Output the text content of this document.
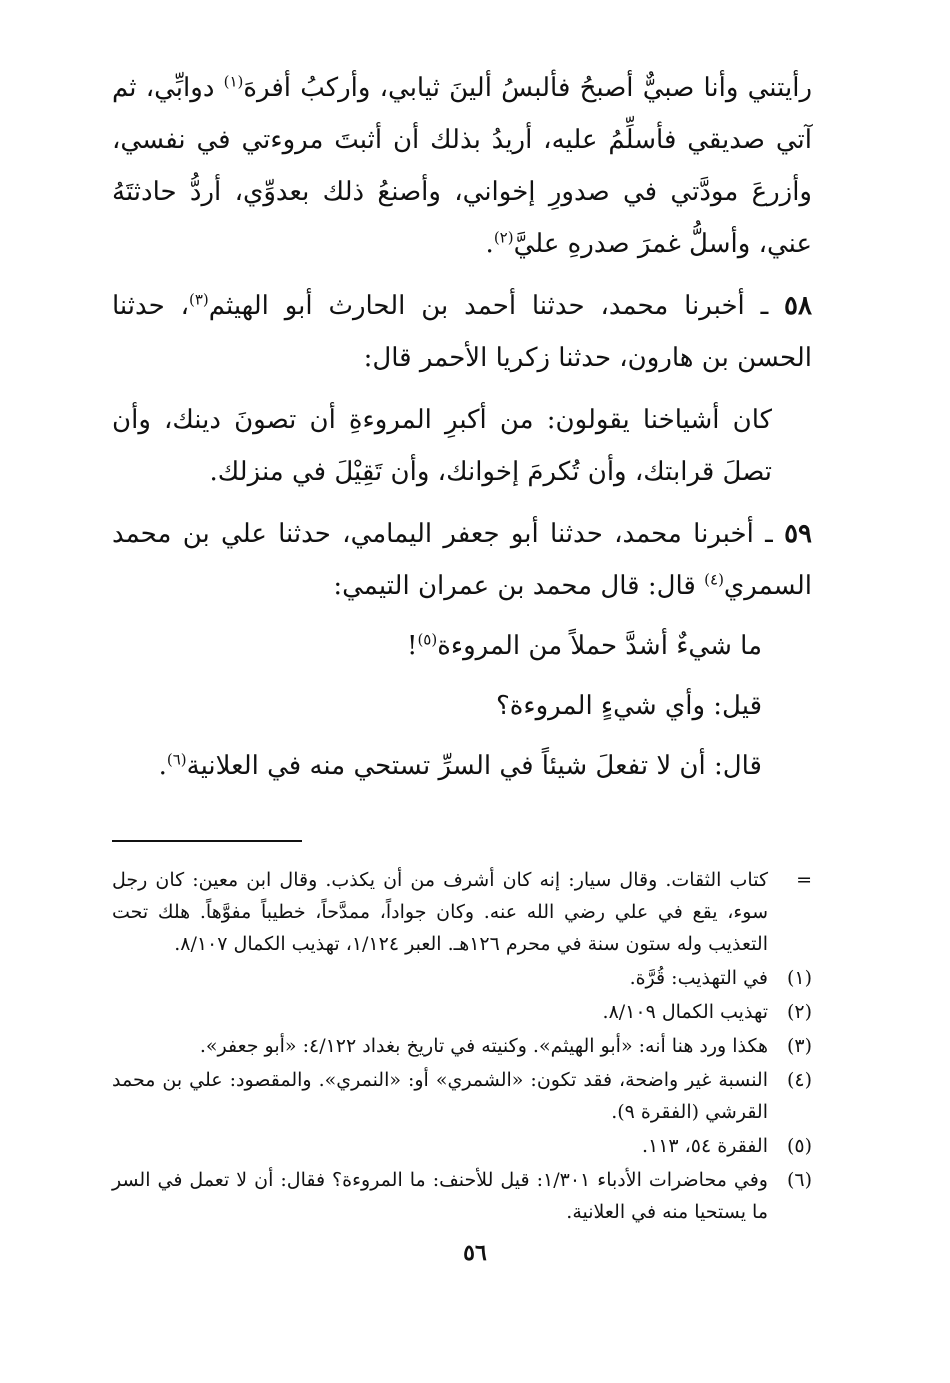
رأيتني وأنا صبيٌّ أصبحُ فألبسُ ألينَ ثيابي، وأركبُ أفرهَ$^{(١)}$ دوابِّي، ثم آتي صديقي فأسلِّمُ عليه، أريدُ بذلك أن أثبتَ مروءتي في نفسي، وأزرعَ مودَّتي في صدورِ إخواني، وأصنعُ ذلك بعدوِّي، أردُّ حادثتَهُ عني، وأسلُّ غمرَ صدرهِ عليَّ$^{(٢)}$.

٥٨ ـ أخبرنا محمد، حدثنا أحمد بن الحارث أبو الهيثم$^{(٣)}$، حدثنا الحسن بن هارون، حدثنا زكريا الأحمر قال:

كان أشياخنا يقولون: من أكبرِ المروءةِ أن تصونَ دينك، وأن تصلَ قرابتك، وأن تُكرمَ إخوانك، وأن تَقِيْلَ في منزلك.

٥٩ ـ أخبرنا محمد، حدثنا أبو جعفر اليمامي، حدثنا علي بن محمد السمري$^{(٤)}$ قال: قال محمد بن عمران التيمي:

ما شيءٌ أشدَّ حملاً من المروءة$^{(٥)}$!

قيل: وأي شيءٍ المروءة؟

قال: أن لا تفعلَ شيئاً في السرِّ تستحي منه في العلانية$^{(٦)}$.

=
كتاب الثقات. وقال سيار: إنه كان أشرف من أن يكذب. وقال ابن معين: كان رجل سوء، يقع في علي رضي الله عنه. وكان جواداً، ممدَّحاً، خطيباً مفوَّهاً. هلك تحت التعذيب وله ستون سنة في محرم ١٢٦هـ. العبر ١/١٢٤، تهذيب الكمال ٨/١٠٧.
(١)
في التهذيب: قُرَّة.
(٢)
تهذيب الكمال ٨/١٠٩.
(٣)
هكذا ورد هنا أنه: «أبو الهيثم». وكنيته في تاريخ بغداد ٤/١٢٢: «أبو جعفر».
(٤)
النسبة غير واضحة، فقد تكون: «الشمري» أو: «النمري». والمقصود: علي بن محمد القرشي (الفقرة ٩).
(٥)
الفقرة ٥٤، ١١٣.
(٦)
وفي محاضرات الأدباء ١/٣٠١: قيل للأحنف: ما المروءة؟ فقال: أن لا تعمل في السر ما يستحيا منه في العلانية.
٥٦
